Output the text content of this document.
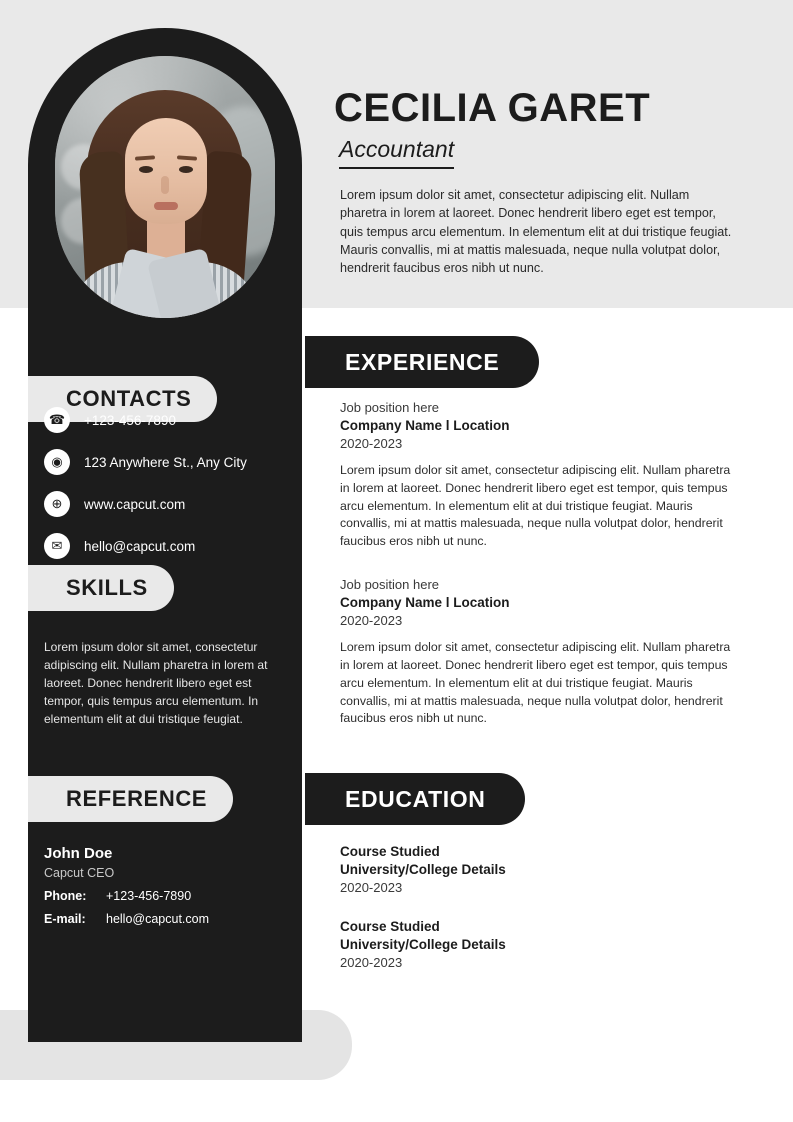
CONTACTS
☎	+123-456-7890
◉	123 Anywhere St., Any City
⊕	www.capcut.com
✉	hello@capcut.com
SKILLS
Lorem ipsum dolor sit amet, consectetur adipiscing elit. Nullam pharetra in lorem at laoreet. Donec hendrerit libero eget est tempor, quis tempus arcu elementum. In elementum elit at dui tristique feugiat.
REFERENCE
John Doe
Capcut CEO
Phone:	+123-456-7890
E-mail:	hello@capcut.com
CECILIA GARET
Accountant
Lorem ipsum dolor sit amet, consectetur adipiscing elit. Nullam pharetra in lorem at laoreet. Donec hendrerit libero eget est tempor, quis tempus arcu elementum. In elementum elit at dui tristique feugiat. Mauris convallis, mi at mattis malesuada, neque nulla volutpat dolor, hendrerit faucibus eros nibh ut nunc.
EXPERIENCE
Job position here
Company Name l Location
2020-2023
Lorem ipsum dolor sit amet, consectetur adipiscing elit. Nullam pharetra in lorem at laoreet. Donec hendrerit libero eget est tempor, quis tempus arcu elementum. In elementum elit at dui tristique feugiat. Mauris convallis, mi at mattis malesuada, neque nulla volutpat dolor, hendrerit faucibus eros nibh ut nunc.
Job position here
Company Name l Location
2020-2023
Lorem ipsum dolor sit amet, consectetur adipiscing elit. Nullam pharetra in lorem at laoreet. Donec hendrerit libero eget est tempor, quis tempus arcu elementum. In elementum elit at dui tristique feugiat. Mauris convallis, mi at mattis malesuada, neque nulla volutpat dolor, hendrerit faucibus eros nibh ut nunc.
EDUCATION
Course Studied
University/College Details
2020-2023
Course Studied
University/College Details
2020-2023
